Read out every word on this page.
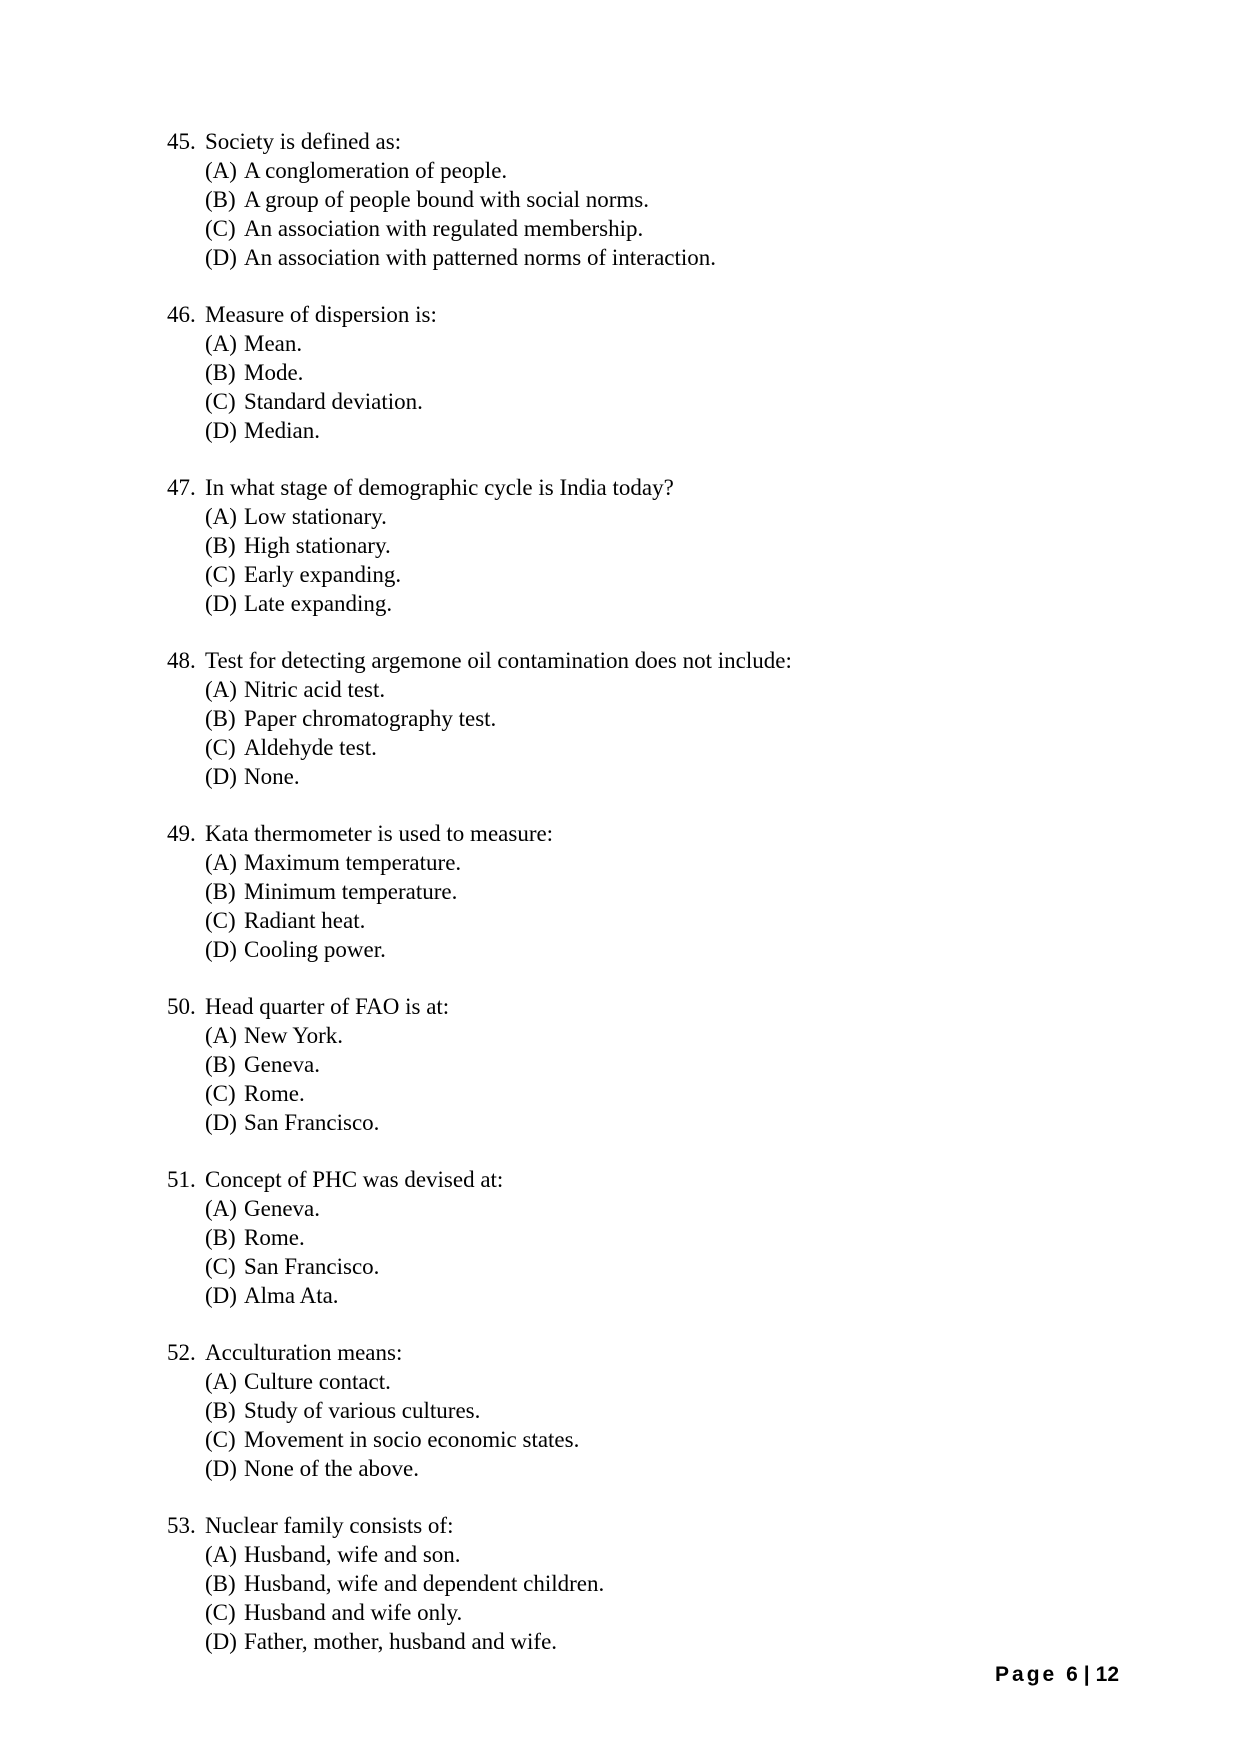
45. Society is defined as:
(A) A conglomeration of people.
(B) A group of people bound with social norms.
(C) An association with regulated membership.
(D) An association with patterned norms of interaction.
46. Measure of dispersion is:
(A) Mean.
(B) Mode.
(C) Standard deviation.
(D) Median.
47. In what stage of demographic cycle is India today?
(A) Low stationary.
(B) High stationary.
(C) Early expanding.
(D) Late expanding.
48. Test for detecting argemone oil contamination does not include:
(A) Nitric acid test.
(B) Paper chromatography test.
(C) Aldehyde test.
(D) None.
49. Kata thermometer is used to measure:
(A) Maximum temperature.
(B) Minimum temperature.
(C) Radiant heat.
(D) Cooling power.
50. Head quarter of FAO is at:
(A) New York.
(B) Geneva.
(C) Rome.
(D) San Francisco.
51. Concept of PHC was devised at:
(A) Geneva.
(B) Rome.
(C) San Francisco.
(D) Alma Ata.
52. Acculturation means:
(A) Culture contact.
(B) Study of various cultures.
(C) Movement in socio economic states.
(D) None of the above.
53. Nuclear family consists of:
(A) Husband, wife and son.
(B) Husband, wife and dependent children.
(C) Husband and wife only.
(D) Father, mother, husband and wife.
Page 6 | 12
